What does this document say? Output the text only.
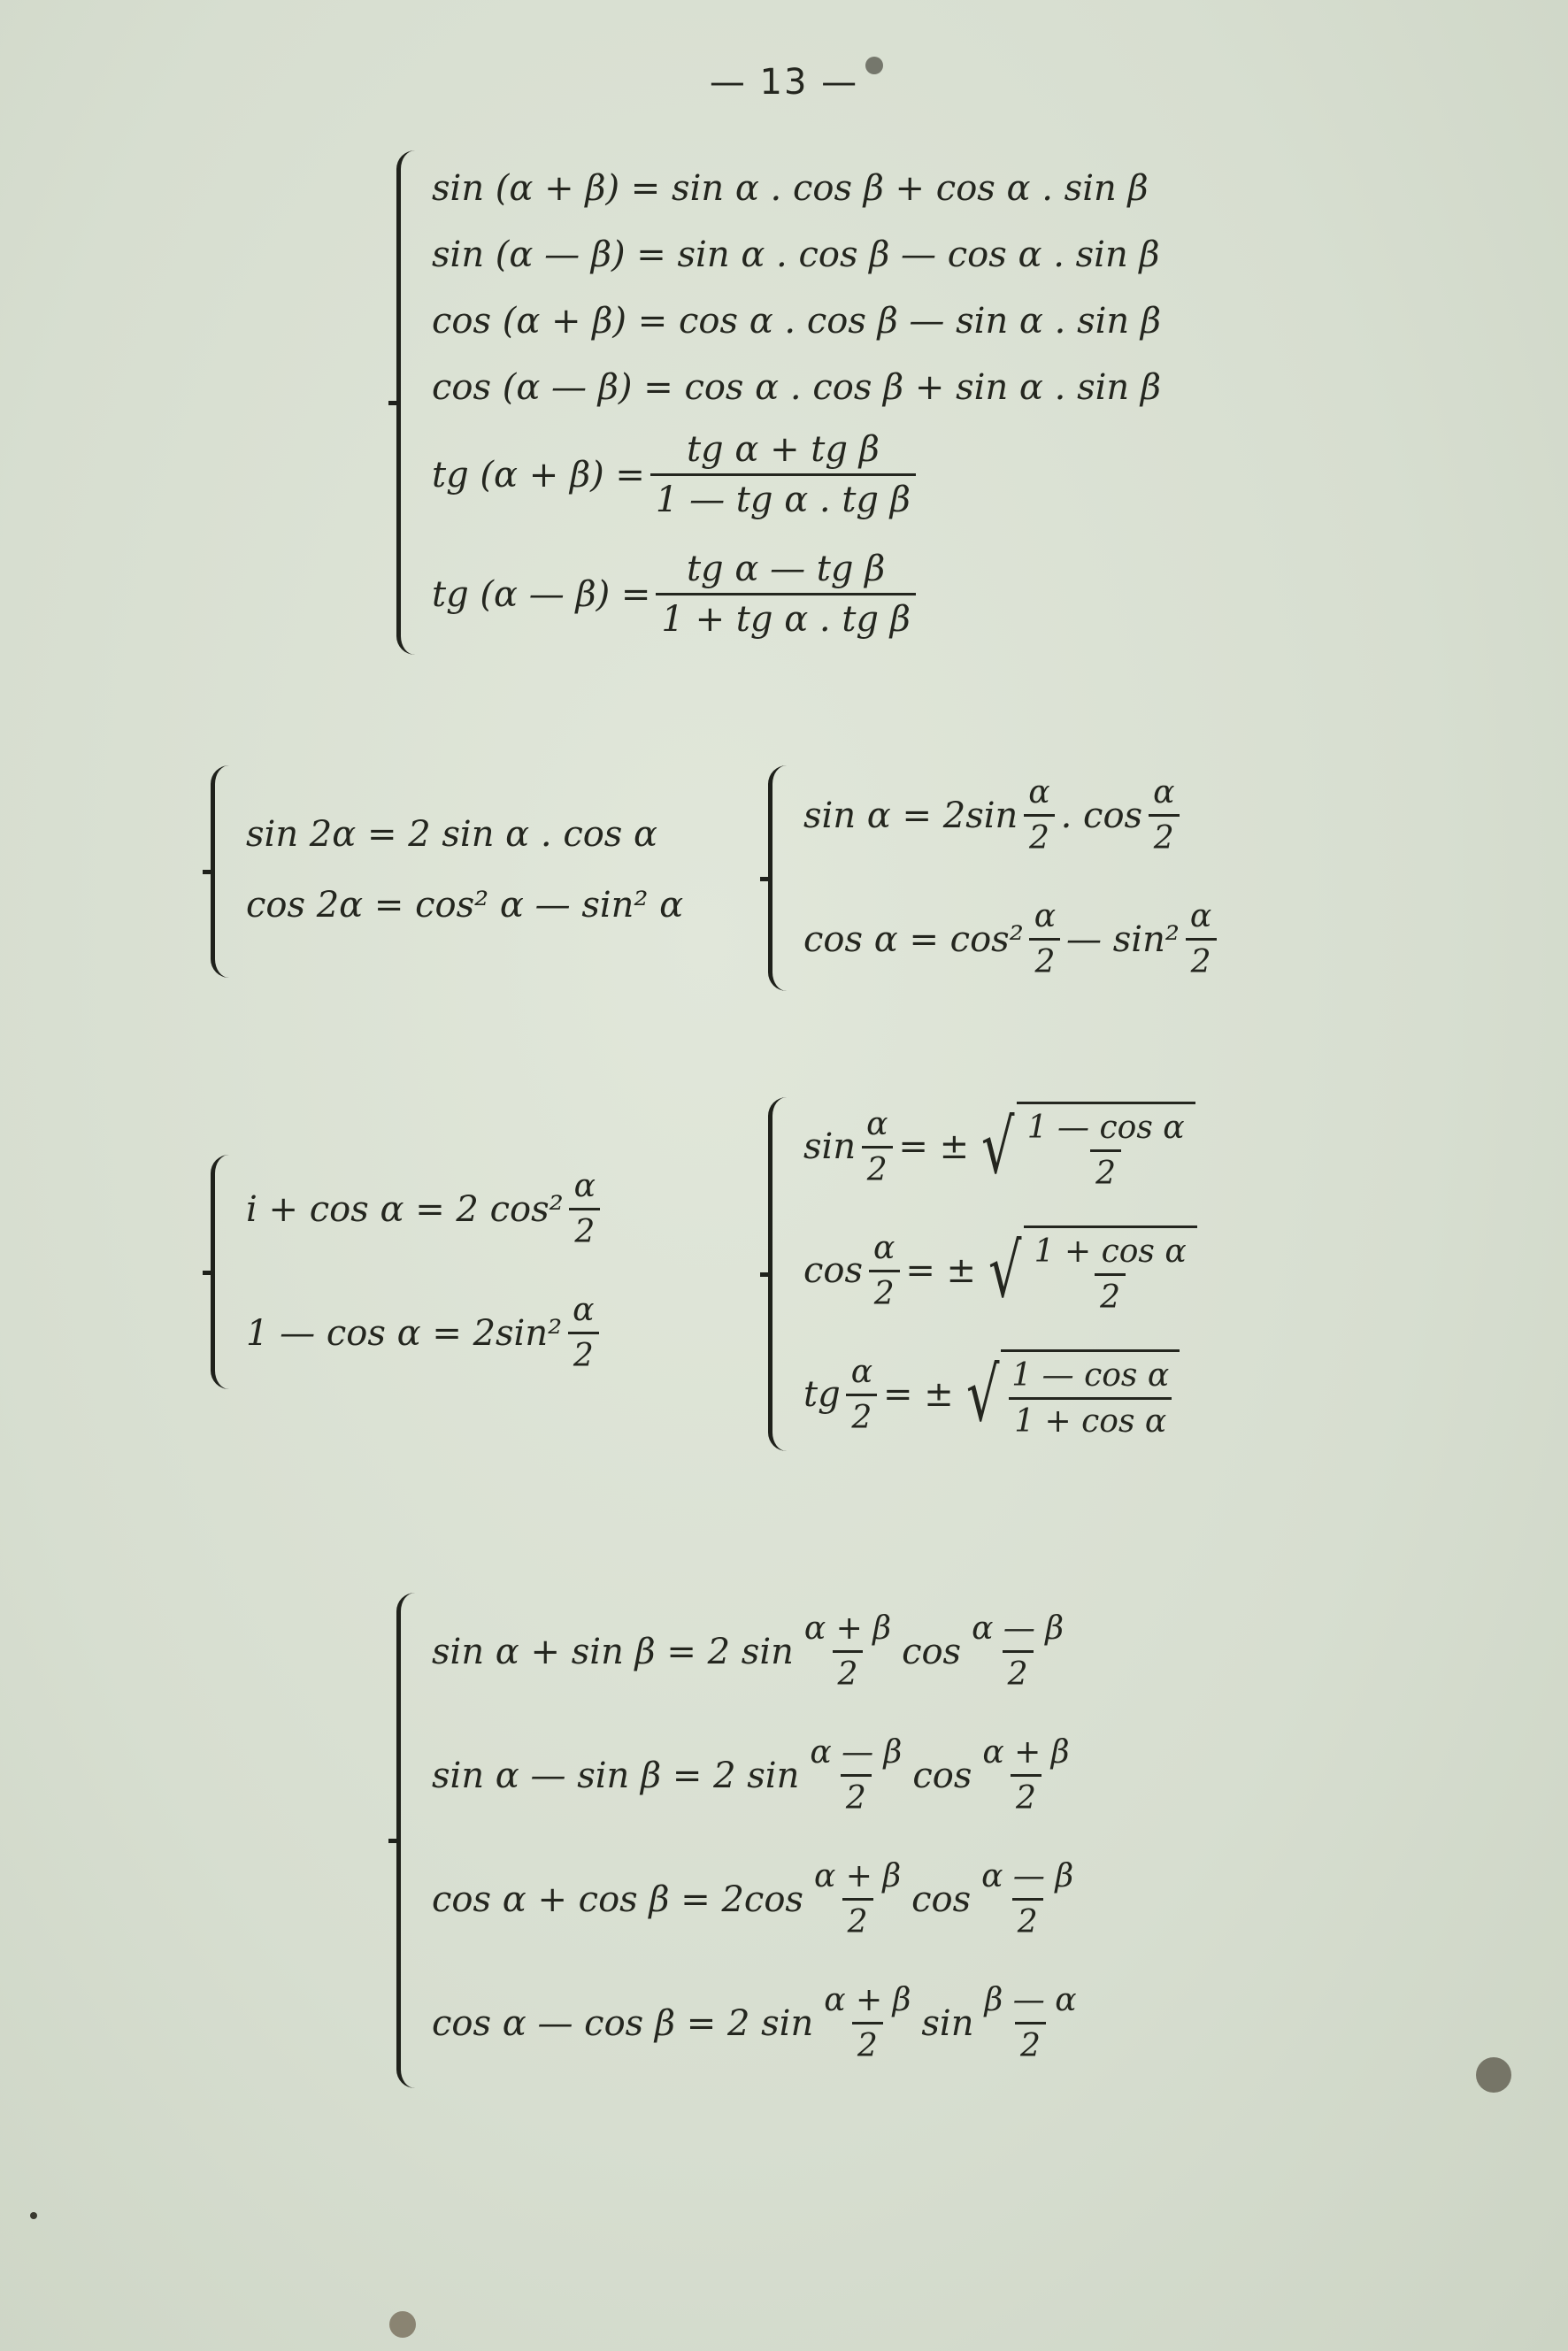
— 13 —
sin (α + β) = sin α . cos β + cos α . sin β
sin (α — β) = sin α . cos β — cos α . sin β
cos (α + β) = cos α . cos β — sin α . sin β
cos (α — β) = cos α . cos β + sin α . sin β
tg $(\alpha + \beta) = \frac{\text{tg α + tg β}}{\text{1 — tg α . tg β}}$
tg (α — $\beta) = \frac{\text{tg α — tg β}}{\text{1 + tg α . tg β}}$
sin 2α = 2 sin α . cos α
cos 2α = cos² α — sin² α
$\sin \alpha = 2\sin \frac{\alpha}{2}$ . $\cos \frac{\alpha}{2}$
$\cos \alpha = \cos^2 \frac{\alpha}{2}$ — $\sin^2 \frac{\alpha}{2}$
i + cos α = 2 $\cos^2 \frac{\alpha}{2}$
1 — $\cos \alpha = 2\sin^2 \frac{\alpha}{2}$
$\sin \frac{\alpha}{2}$ = ± √ $\frac{\text{1 — cos α}}{2}$
$\cos \frac{\alpha}{2}$ = ± √ $\frac{\text{1 + cos α}}{2}$
tg $\frac{\alpha}{2}$ = ± √ $\frac{\text{1 — cos α}}{\text{1 + cos α}}$
sin α + sin β = 2 $\sin \frac{\alpha + \beta}{2}$ $\cos \frac{\alpha — \beta}{2}$
sin α — sin β = 2 $\sin \frac{\alpha — \beta}{2}$ $\cos \frac{\alpha + \beta}{2}$
$\cos \alpha + \cos \beta = 2\cos \frac{\alpha + \beta}{2}$ $\cos \frac{\alpha — \beta}{2}$
cos α — cos β = 2 $\sin \frac{\alpha + \beta}{2}$ $\sin \frac{\beta — \alpha}{2}$
